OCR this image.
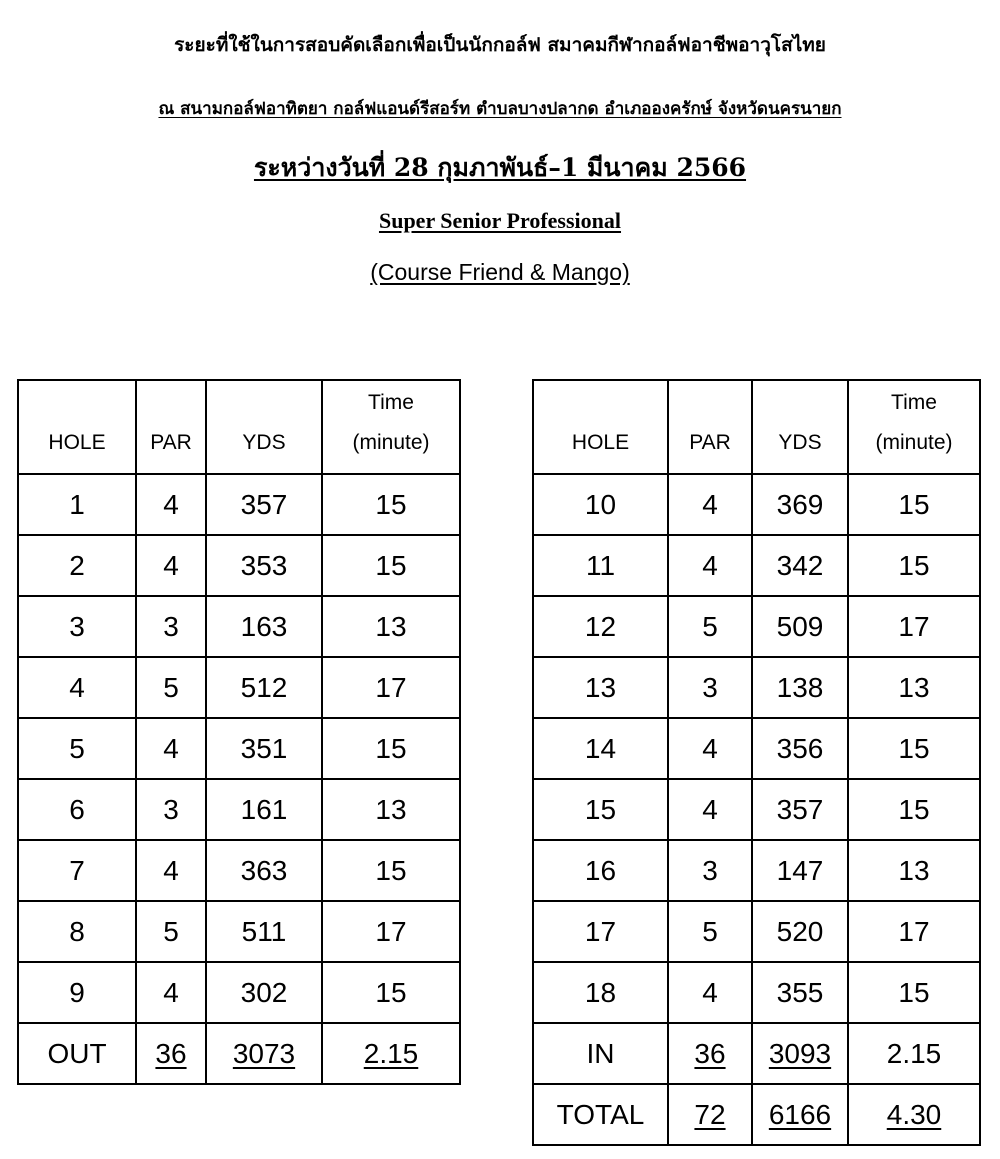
ระยะที่ใช้ในการสอบคัดเลือกเพื่อเป็นนักกอล์ฟ สมาคมกีฬากอล์ฟอาชีพอาวุโสไทย
ณ สนามกอล์ฟอาทิตยา กอล์ฟแอนด์รีสอร์ท ตำบลบางปลากด อำเภอองครักษ์ จังหวัดนครนายก
ระหว่างวันที่ 28 กุมภาพันธ์–1 มีนาคม 2566
Super Senior Professional
(Course Friend & Mango)
HOLE	PAR	YDS	Time
(minute)
1	4	357	15
2	4	353	15
3	3	163	13
4	5	512	17
5	4	351	15
6	3	161	13
7	4	363	15
8	5	511	17
9	4	302	15
OUT	36	3073	2.15
HOLE	PAR	YDS	Time
(minute)
10	4	369	15
11	4	342	15
12	5	509	17
13	3	138	13
14	4	356	15
15	4	357	15
16	3	147	13
17	5	520	17
18	4	355	15
IN	36	3093	2.15
TOTAL	72	6166	4.30
